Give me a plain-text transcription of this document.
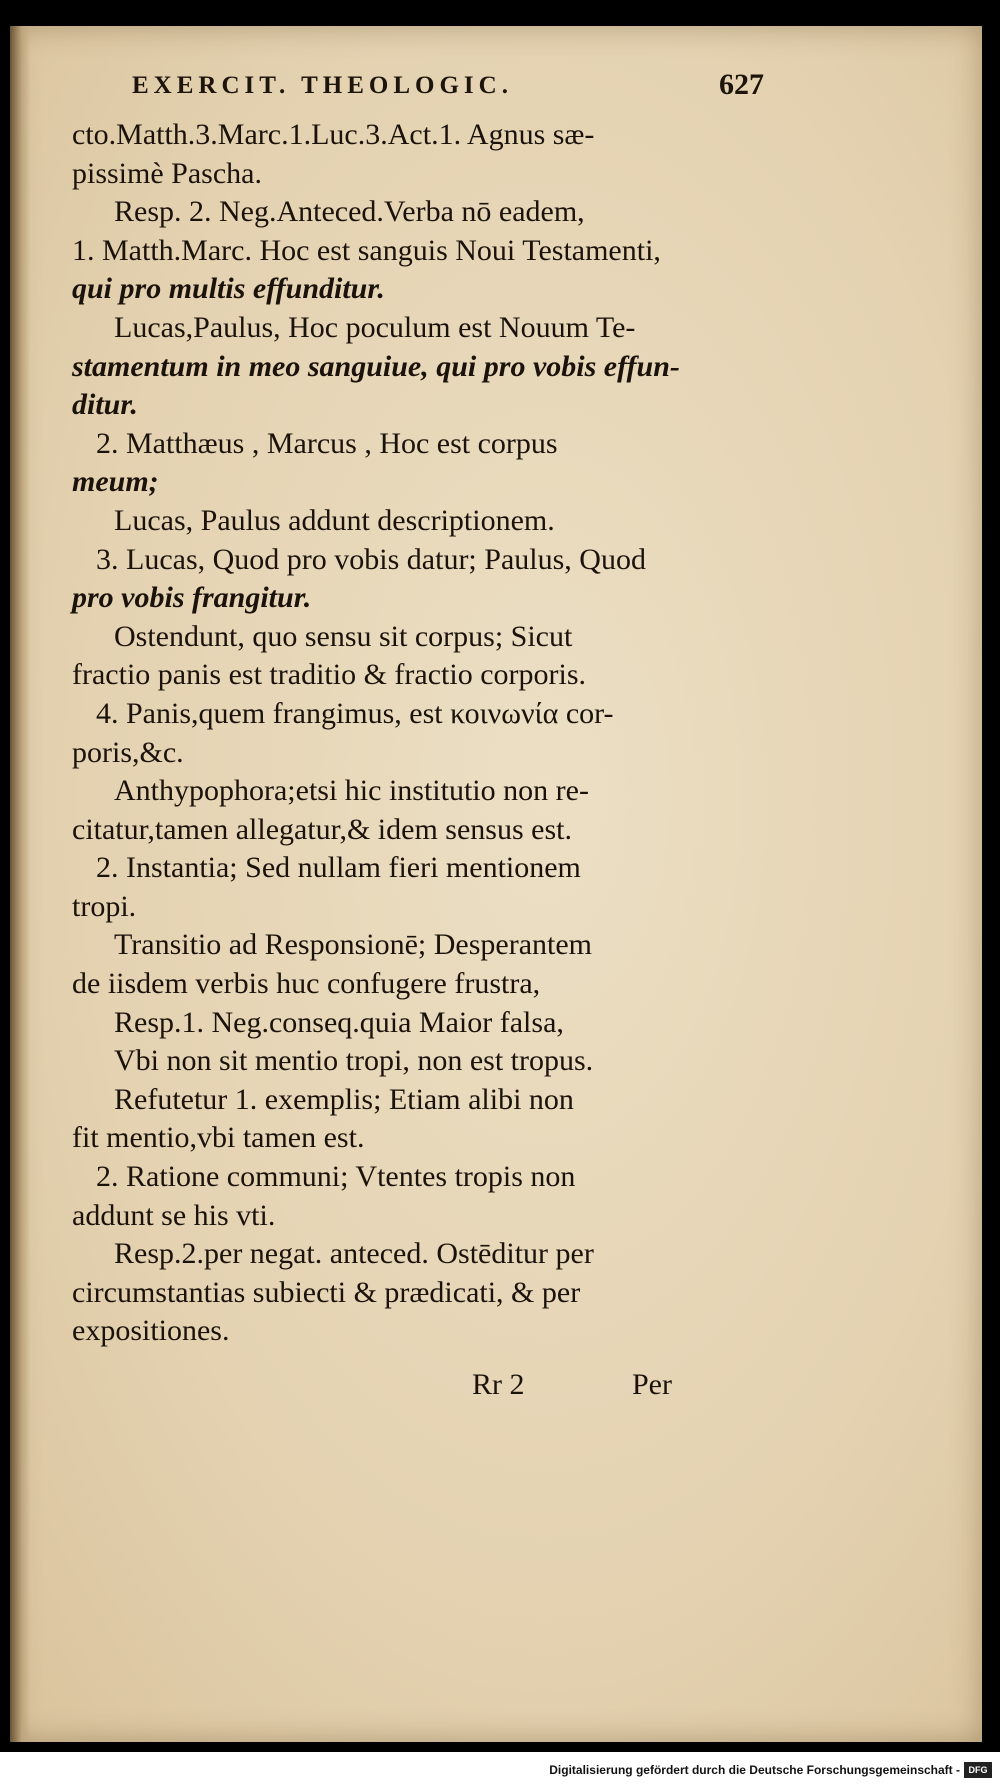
EXERCIT. THEOLOGIC.	627
cto.Matth.3.Marc.1.Luc.3.Act.1. Agnus sæ-
pissimè Pascha.
Resp. 2. Neg.Anteced.Verba nō eadem,
1. Matth.Marc. Hoc est sanguis Noui Testamenti,
qui pro multis effunditur.
Lucas,Paulus, Hoc poculum est Nouum Te-
stamentum in meo sanguiue, qui pro vobis effun-
ditur.
2. Matthæus , Marcus , Hoc est corpus
meum;
Lucas, Paulus addunt descriptionem.
3. Lucas, Quod pro vobis datur; Paulus, Quod
pro vobis frangitur.
Ostendunt, quo sensu sit corpus; Sicut
fractio panis est traditio & fractio corporis.
4. Panis,quem frangimus, est κοινωνία cor-
poris,&c.
Anthypophora;etsi hic institutio non re-
citatur,tamen allegatur,& idem sensus est.
2. Instantia; Sed nullam fieri mentionem
tropi.
Transitio ad Responsionē; Desperantem
de iisdem verbis huc confugere frustra,
Resp.1. Neg.conseq.quia Maior falsa,
Vbi non sit mentio tropi, non est tropus.
Refutetur 1. exemplis; Etiam alibi non
fit mentio,vbi tamen est.
2. Ratione communi; Vtentes tropis non
addunt se his vti.
Resp.2.per negat. anteced. Ostēditur per
circumstantias subiecti & prædicati, & per
expositiones.
Rr 2	Per
Digitalisierung gefördert durch die Deutsche Forschungsgemeinschaft - DFG
